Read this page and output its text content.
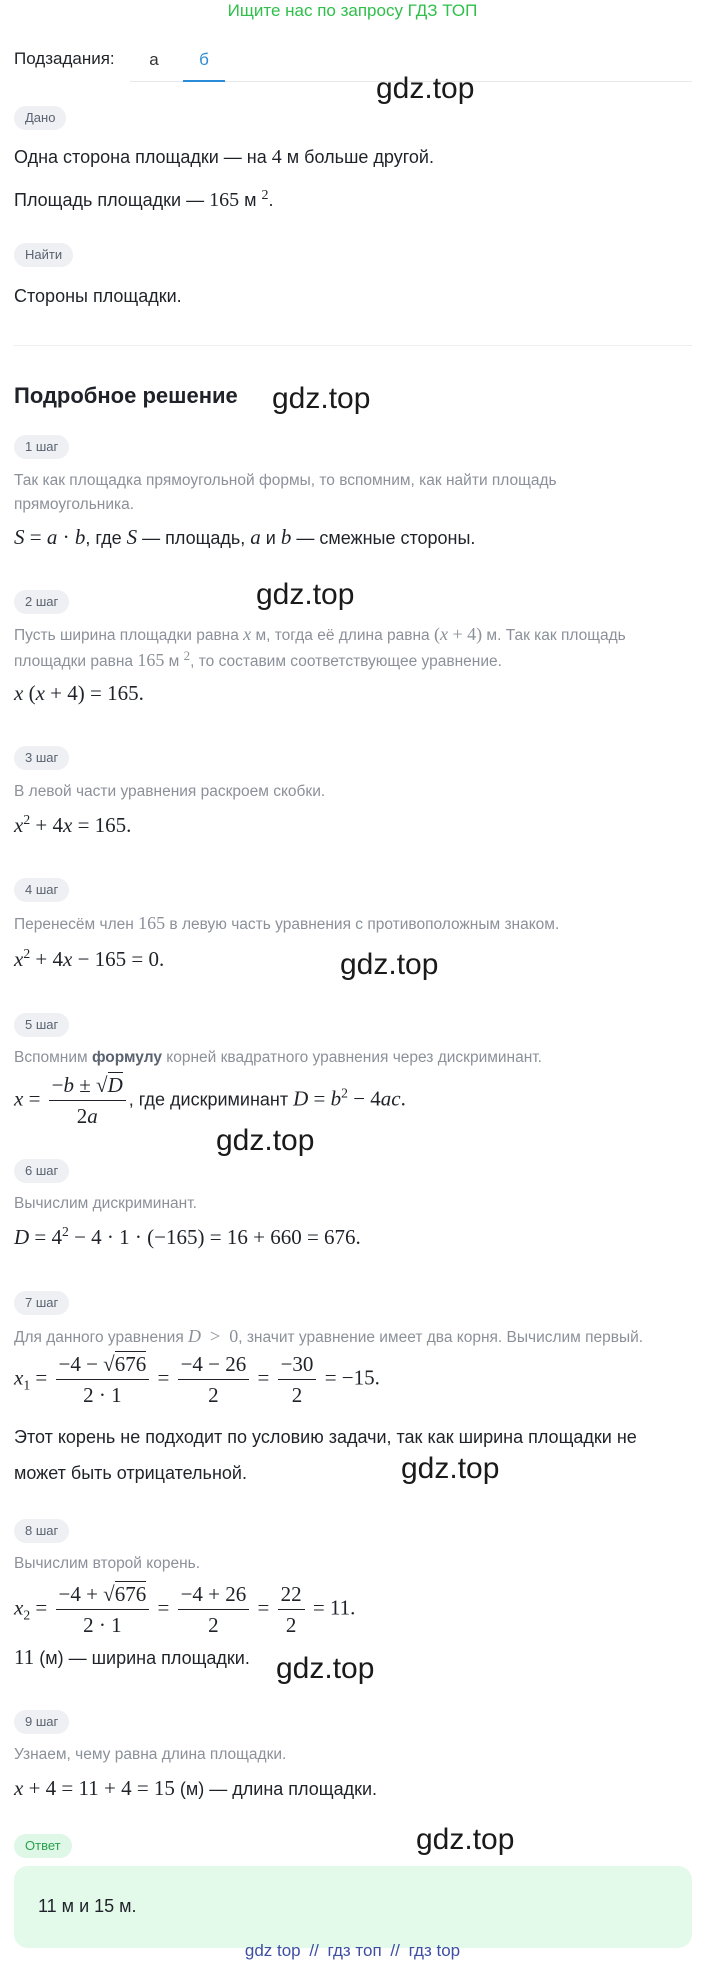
Ищите нас по запросу ГДЗ ТОП
Подзадания:	а	б
gdz.top
gdz.top
gdz.top
gdz.top
gdz.top
gdz.top
gdz.top
gdz.top
Дано
Одна сторона площадки — на 4 м больше другой.
Площадь площадки — 165 м $^2$.
Найти
Стороны площадки.
Подробное решение
1 шаг
Так как площадка прямоугольной формы, то вспомним, как найти площадь прямоугольника.
S = a · b, где S — площадь, a и b — смежные стороны.
2 шаг
Пусть ширина площадки равна x м, тогда её длина равна (x + 4) м. Так как площадь площадки равна 165 м $^2$, то составим соответствующее уравнение.
x (x + 4) = 165.
3 шаг
В левой части уравнения раскроем скобки.
$x^2 + 4x = 165$.
4 шаг
Перенесём член 165 в левую часть уравнения с противоположным знаком.
$x^2 + 4x - 165 = 0$.
5 шаг
Вспомним формулу корней квадратного уравнения через дискриминант.
$x = \frac{-b \pm √D}{2a}$ , где дискриминант $D = b^2 - 4ac$.
6 шаг
Вычислим дискриминант.
$D = 4^2 - 4 \cdot 1 \cdot (-165) = 16 + 660 = 676$.
7 шаг
Для данного уравнения D  >  0, значит уравнение имеет два корня. Вычислим первый.
$x_1 = \frac{-4 - √676}{2 \cdot 1} = \frac{-4 - 26}{2} = \frac{-30}{2} = -15$.
Этот корень не подходит по условию задачи, так как ширина площадки не может быть отрицательной.
8 шаг
Вычислим второй корень.
$x_2 = \frac{-4 + √676}{2 \cdot 1} = \frac{-4 + 26}{2} = \frac{22}{2} = 11$.
11 (м) — ширина площадки.
9 шаг
Узнаем, чему равна длина площадки.
x + 4 = 11 + 4 = 15 (м) — длина площадки.
Ответ
11 м и 15 м.
gdz top // гдз топ // гдз top
